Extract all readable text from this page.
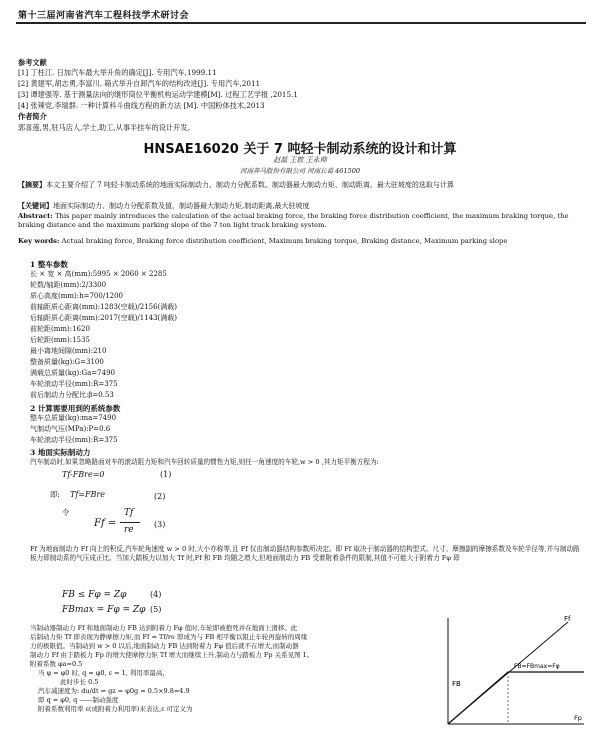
第十三届河南省汽车工程科技学术研讨会
参考文献
[1] 丁柱江. 日加汽车最大举升角的确定[J]. 专用汽车,1999.11
[2] 黄建军,胡志勇,李富川. 箱式举升自卸汽车的结构改进[J]. 专用汽车,2011
[3] 谭建强等. 基于测量法向的继形筒位平衡机构运动学建模[M]. 过程工艺学报 ,2015.1
[4] 张辣党,李瑞群. 一种计算科斗曲线方程的新方法 [M]. 中国粉体技术,2013
作者简介
郭喜莲,男,驻马店人,学士,助工,从事半挂车的设计开发。
HNSAE16020 关于 7 吨轻卡制动系统的设计和计算
赵磊 王敦 王永帅
河南奔马股份有限公司 河南长葛 461500
【摘要】本文主要介绍了 7 吨轻卡制动系统的地面实际制动力、制动力分配系数、制动器最大制动力矩、制动距离、最大驻坡度的选取与计算
【关键词】地面实际制动力、制动力分配系数及值、制动器最大制动力矩,制动距离,最大驻坡度
Abstract: This paper mainly introduces the calculation of the actual braking force, the braking force distribution coefficient, the maximum braking torque, the braking distance and the maximum parking slope of the 7 ton light truck braking system.
Key words: Actual braking force, Braking force distribution coefficient, Maximum braking torque, Braking distance, Maximum parking slope
1 整车参数
长 × 宽 × 高(mm):5995 × 2060 × 2285
轮数/轴距(mm):2/3300
质心高度(mm):h=700/1200
前轴距质心距离(mm):1283(空载)/2156(满载)
后轴距质心距离(mm):2017(空载)/1143(满载)
前轮距(mm):1620
后轮距(mm):1535
最小离地间隙(mm):210
整备质量(kg):G=3100
满载总质量(kg):Ga=7490
车轮滚动半径(mm):R=375
前后制动力分配比:β=0.53
2 计算需要用到的系统参数
整车总质量(kg):ma=7490
气制动气压(MPa):P=0.6
车轮滚动半径(mm):R=375
3 地面实际制动力
汽车制动时,如果忽略路面对车的滚动阻力矩和汽车回转质量的惯性力矩,则任一角速度的车轮,w > 0 ,其力矩平衡方程为:
Tf-FBre=0	(1)
即: Tf=FBre	(2)
令
Ff =
Tf
re
(3)
Ff 为地面制动力 Ff 向上的积反,汽车轮角速度 w > 0 时,大小亦称等,且 Ff 仅由制动器结构参数所决定。即 Ff 取决于制动器的结构型式、尺寸、摩擦副的摩擦系数及车轮半径等,并与制动路板力即制动系的气压成正比。当加大踏板力以加大 Tf 时,Ff 和 FB 均随之增大,但地面制动力 FB 受着附着条件的限制,其值不可能大于附着力 Fφ 即
FB ≤ Fφ = Zφ	(4)
FBmax = Fφ = Zφ (5)
当制动器制动力 Ff 和地面制动力 FB 达到附着力 Fφ 值时,车轮即被抱死并在地面上滑移。此
后制动力矩 Tf 即表现为静摩擦力矩,而 Ff = Tf/re 即成为与 FB 相平衡以阻止车轮再旋转的周缘
力的极限值。当制动到 w > 0 以后,地面制动力 FB 达到附着力 Fφ 值后就不在增大,而制动器
制动力 Ff 由于踏板力 Fp 的增大使摩擦力矩 Tf 增大而继续上升,制动力与踏板力 Fp 关系见图 1。
附着系数 φa=0.5
当 φ = φ0 时, q = φ0, ε = 1, 利用率最高,
此时步长 0.5
汽车减速度为: du/dt = gz = φ0g = 0.5×9.8=4.9
即 q = φ0, q ——制动强度
附着系数利用率 ε(或附着力利用率)来表达,ε 可定义为
Ff
FB
FB=FBmax=Fφ
Fp
